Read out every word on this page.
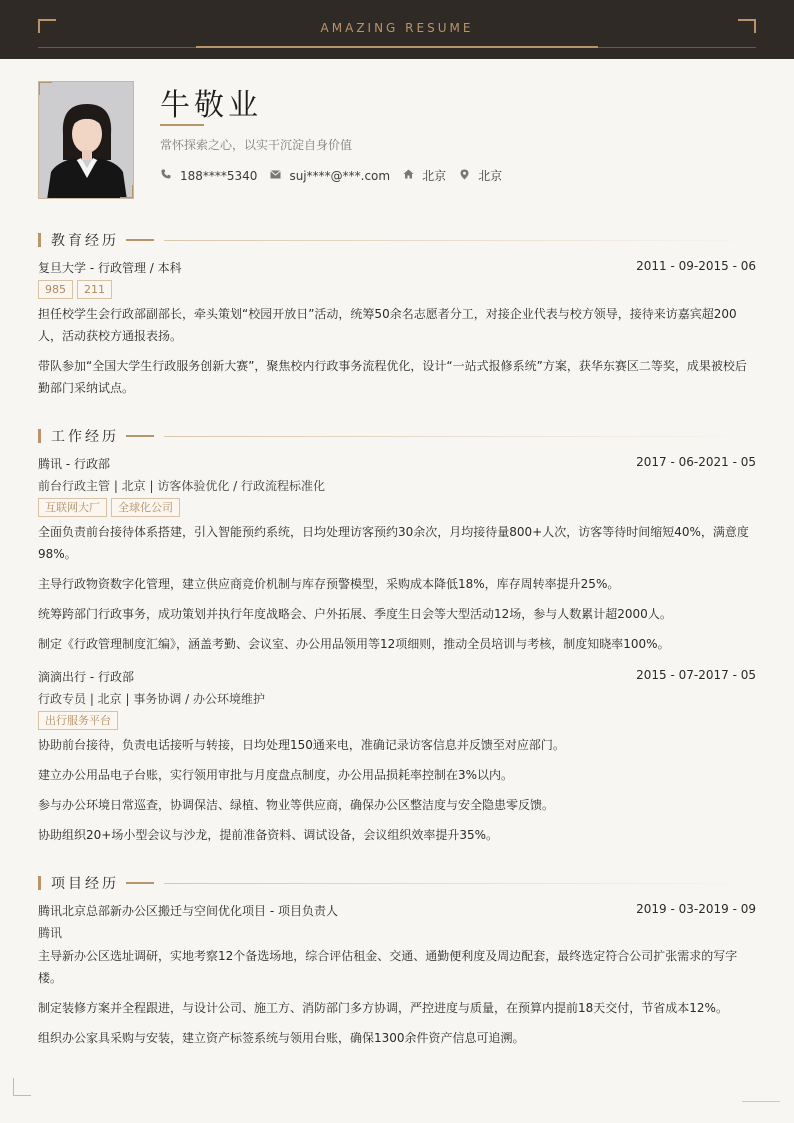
AMAZING RESUME
牛敬业
常怀探索之心，以实干沉淀自身价值
188****5340	suj****@***.com	北京	北京
教育经历
复旦大学 - 行政管理 / 本科	2011 - 09-2015 - 06
985	211
担任校学生会行政部副部长，牵头策划“校园开放日”活动，统筹50余名志愿者分工，对接企业代表与校方领导，接待来访嘉宾超200人，活动获校方通报表扬。
带队参加“全国大学生行政服务创新大赛”，聚焦校内行政事务流程优化，设计“一站式报修系统”方案，获华东赛区二等奖，成果被校后勤部门采纳试点。
工作经历
腾讯 - 行政部	2017 - 06-2021 - 05
前台行政主管 | 北京 | 访客体验优化 / 行政流程标准化
互联网大厂	全球化公司
全面负责前台接待体系搭建，引入智能预约系统，日均处理访客预约30余次，月均接待量800+人次，访客等待时间缩短40%，满意度98%。
主导行政物资数字化管理，建立供应商竞价机制与库存预警模型，采购成本降低18%，库存周转率提升25%。
统筹跨部门行政事务，成功策划并执行年度战略会、户外拓展、季度生日会等大型活动12场，参与人数累计超2000人。
制定《行政管理制度汇编》，涵盖考勤、会议室、办公用品领用等12项细则，推动全员培训与考核，制度知晓率100%。
滴滴出行 - 行政部	2015 - 07-2017 - 05
行政专员 | 北京 | 事务协调 / 办公环境维护
出行服务平台
协助前台接待，负责电话接听与转接，日均处理150通来电，准确记录访客信息并反馈至对应部门。
建立办公用品电子台账，实行领用审批与月度盘点制度，办公用品损耗率控制在3%以内。
参与办公环境日常巡查，协调保洁、绿植、物业等供应商，确保办公区整洁度与安全隐患零反馈。
协助组织20+场小型会议与沙龙，提前准备资料、调试设备，会议组织效率提升35%。
项目经历
腾讯北京总部新办公区搬迁与空间优化项目 - 项目负责人	2019 - 03-2019 - 09
腾讯
主导新办公区选址调研，实地考察12个备选场地，综合评估租金、交通、通勤便利度及周边配套，最终选定符合公司扩张需求的写字楼。
制定装修方案并全程跟进，与设计公司、施工方、消防部门多方协调，严控进度与质量，在预算内提前18天交付，节省成本12%。
组织办公家具采购与安装，建立资产标签系统与领用台账，确保1300余件资产信息可追溯。
